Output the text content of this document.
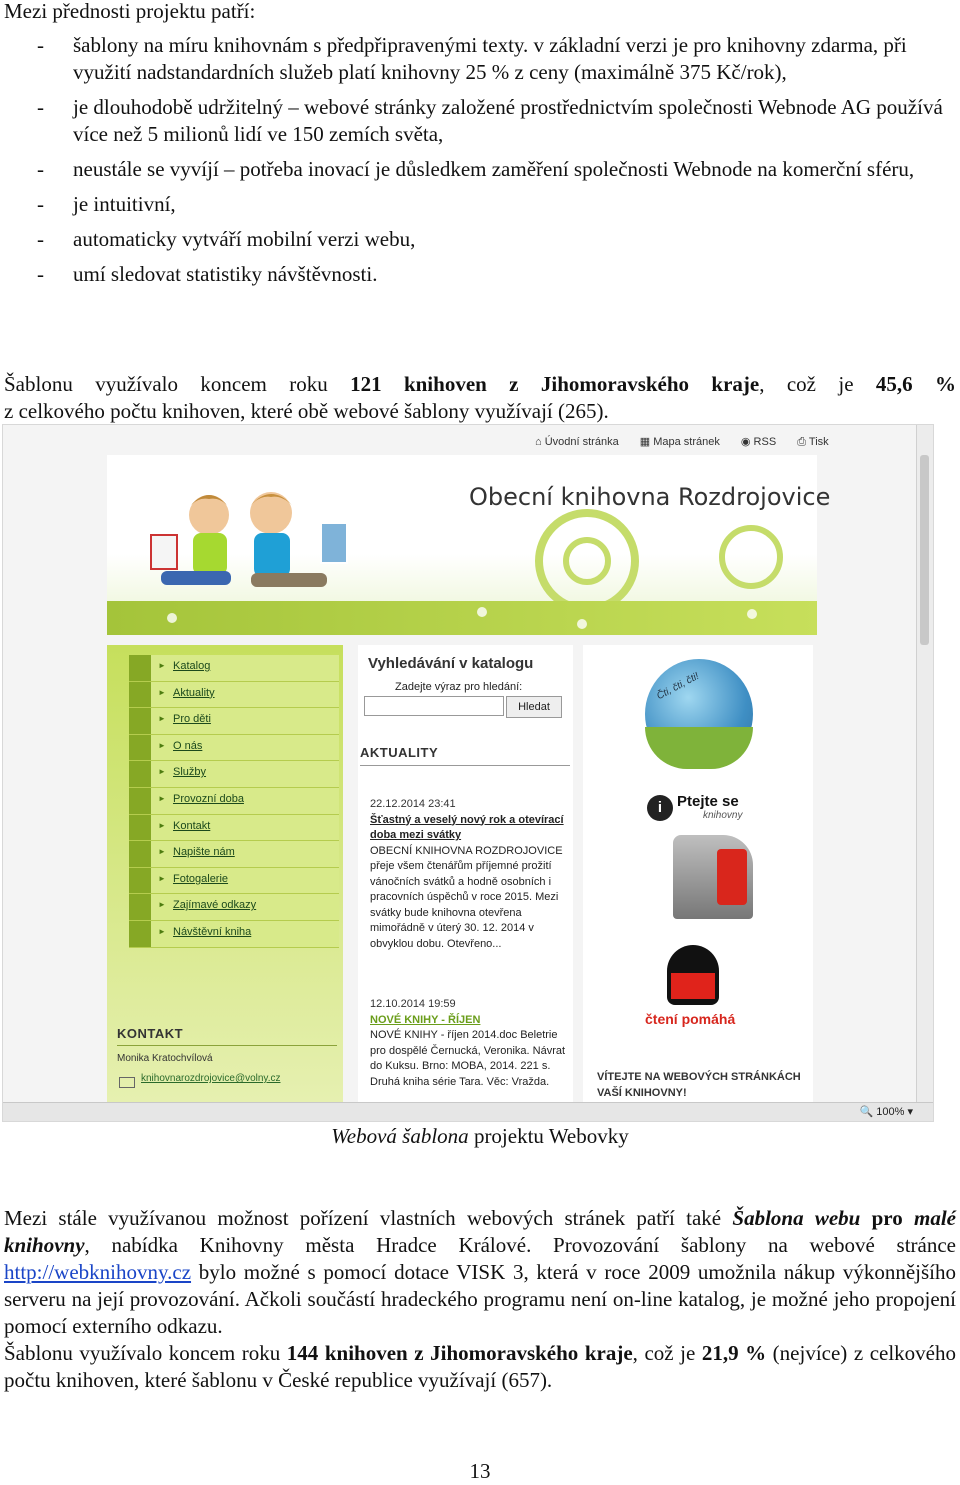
Mezi přednosti projektu patří:
- šablony na míru knihovnám s předpřipravenými texty. v základní verzi je pro knihovny zdarma, při využití nadstandardních služeb platí knihovny 25 % z ceny (maximálně 375 Kč/rok),
- je dlouhodobě udržitelný – webové stránky založené prostřednictvím společnosti Webnode AG používá více než 5 milionů lidí ve 150 zemích světa,
- neustále se vyvíjí – potřeba inovací je důsledkem zaměření společnosti Webnode na komerční sféru,
- je intuitivní,
- automaticky vytváří mobilní verzi webu,
- umí sledovat statistiky návštěvnosti.

Šablonu využívalo koncem roku 121 knihoven z Jihomoravského kraje, což je 45,6 %

z celkového počtu knihoven, které obě webové šablony využívají (265).

⌂ Úvodní stránka ▦ Mapa stránek ◉ RSS ⎙ Tisk
Obecní knihovna Rozdrojovice
► Katalog
► Aktuality
► Pro děti
► O nás
► Služby
► Provozní doba
► Kontakt
► Napište nám
► Fotogalerie
► Zajímavé odkazy
► Návštěvní kniha
KONTAKT
Monika Kratochvílová
knihovnarozdrojovice@volny.cz
Vyhledávání v katalogu
Zadejte výraz pro hledání:
Hledat
AKTUALITY
22.12.2014 23:41
Šťastný a veselý nový rok a otevírací doba mezi svátky
OBECNÍ KNIHOVNA ROZDROJOVICE přeje všem čtenářům příjemné prožití vánočních svátků a hodně osobních i pracovních úspěchů v roce 2015. Mezi svátky bude knihovna otevřena mimořádně v úterý 30. 12. 2014 v obvyklou dobu. Otevřeno...
12.10.2014 19:59
NOVÉ KNIHY - ŘÍJEN
NOVÉ KNIHY - říjen 2014.doc Beletrie pro dospělé Černucká, Veronika. Návrat do Kuksu. Brno: MOBA, 2014. 221 s. Druhá kniha série Tara. Věc: Vražda.
Čti, čti, čti!
i Ptejte se
knihovny
čtení pomáhá
VÍTEJTE NA WEBOVÝCH STRÁNKÁCH VAŠÍ KNIHOVNY!
🔍 100% ▾
Webová šablona projektu Webovky

Mezi stále využívanou možnost pořízení vlastních webových stránek patří také Šablona webu pro malé knihovny, nabídka Knihovny města Hradce Králové. Provozování šablony na webové stránce http://webknihovny.cz bylo možné s pomocí dotace VISK 3, která v roce 2009 umožnila nákup výkonnějšího serveru na její provozování. Ačkoli součástí hradeckého programu není on-line katalog, je možné jeho propojení pomocí externího odkazu.

Šablonu využívalo koncem roku 144 knihoven z Jihomoravského kraje, což je 21,9 % (nejvíce) z celkového počtu knihoven, které šablonu v České republice využívají (657).

13
